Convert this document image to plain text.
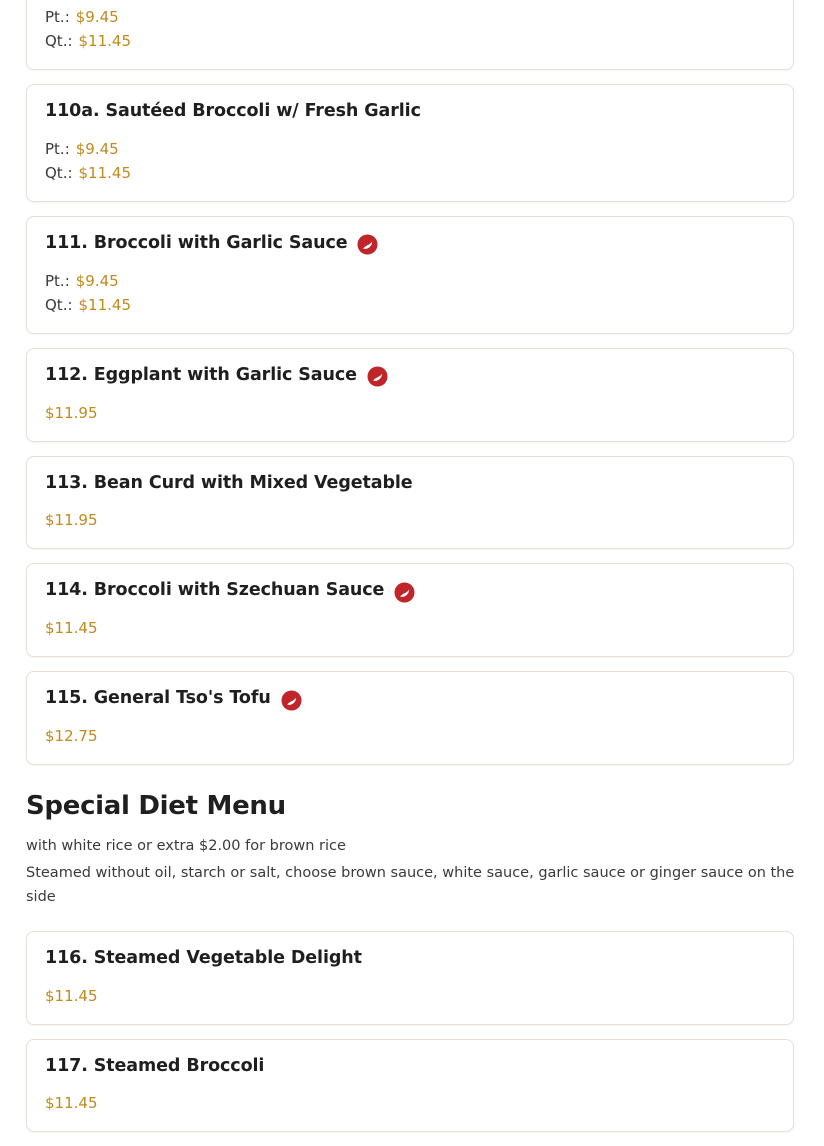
Pt.: $9.45
Qt.: $11.45
110a. Sautéed Broccoli w/ Fresh Garlic
Pt.: $9.45
Qt.: $11.45
111. Broccoli with Garlic Sauce
Pt.: $9.45
Qt.: $11.45
112. Eggplant with Garlic Sauce
$11.95
113. Bean Curd with Mixed Vegetable
$11.95
114. Broccoli with Szechuan Sauce
$11.45
115. General Tso's Tofu
$12.75
Special Diet Menu

with white rice or extra $2.00 for brown rice

Steamed without oil, starch or salt, choose brown sauce, white sauce, garlic sauce or ginger sauce on the side

116. Steamed Vegetable Delight
$11.45
117. Steamed Broccoli
$11.45
